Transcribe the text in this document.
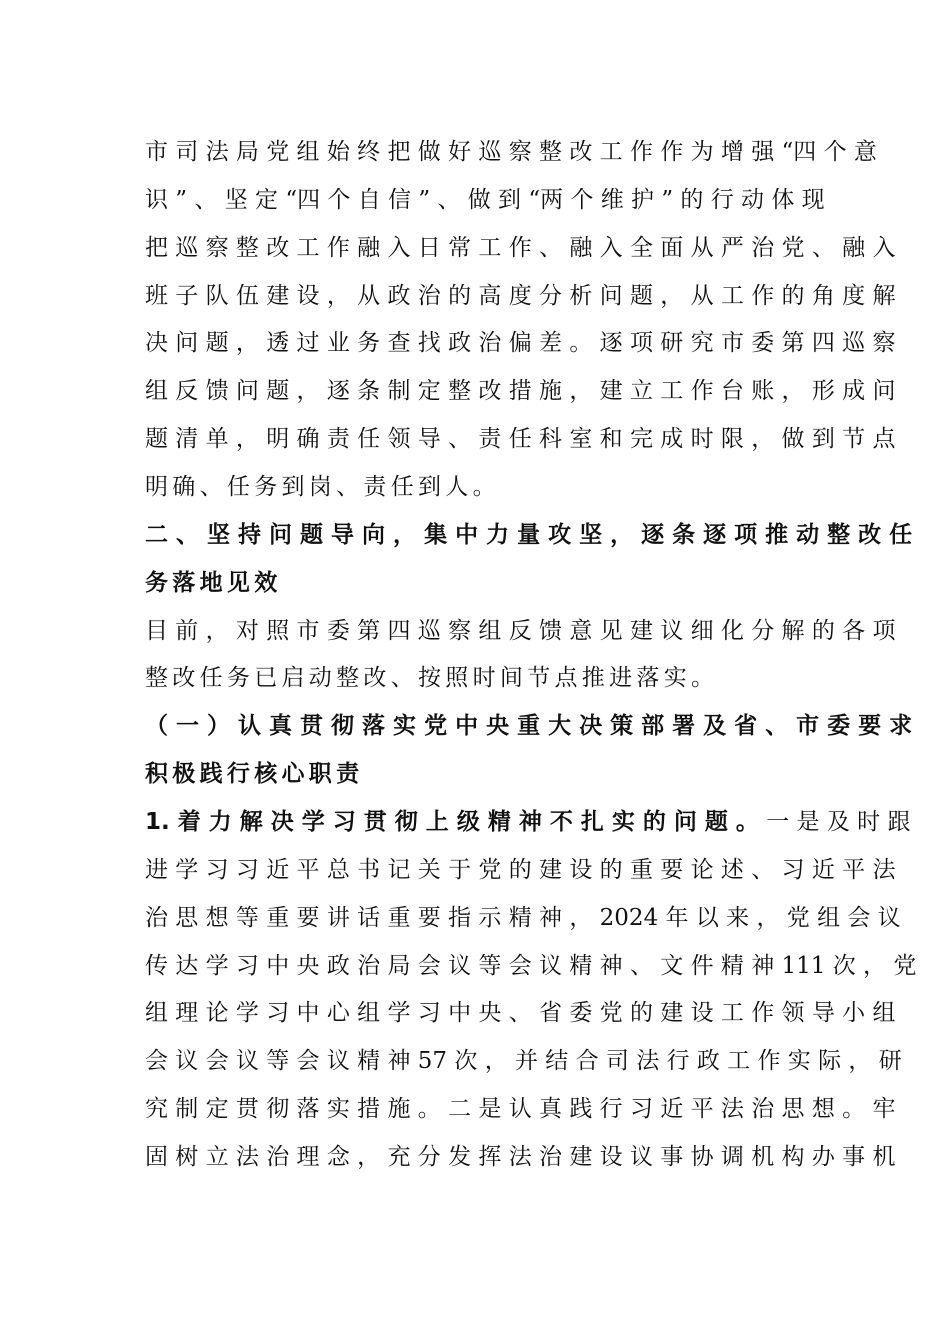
市 司 法 局 党 组 始 终 把 做 好 巡 察 整 改 工 作 作 为 增 强 “四 个 意
识 ” 、 坚 定 “四 个 自 信 ” 、 做 到 “两 个 维 护 ” 的 行 动 体 现
把 巡 察 整 改 工 作 融 入 日 常 工 作 、 融 入 全 面 从 严 治 党 、 融 入
班 子 队 伍 建 设 ， 从 政 治 的 高 度 分 析 问 题 ， 从 工 作 的 角 度 解
决 问 题 ， 透 过 业 务 查 找 政 治 偏 差 。 逐 项 研 究 市 委 第 四 巡 察
组 反 馈 问 题 ， 逐 条 制 定 整 改 措 施 ， 建 立 工 作 台 账 ， 形 成 问
题 清 单 ， 明 确 责 任 领 导 、 责 任 科 室 和 完 成 时 限 ， 做 到 节 点
明确、任务到岗、责任到人。
二 、 坚 持 问 题 导 向 ， 集 中 力 量 攻 坚 ， 逐 条 逐 项 推 动 整 改 任
务落地见效
目 前 ， 对 照 市 委 第 四 巡 察 组 反 馈 意 见 建 议 细 化 分 解 的 各 项
整改任务已启动整改、按照时间节点推进落实。
（ 一 ） 认 真 贯 彻 落 实 党 中 央 重 大 决 策 部 署 及 省 、 市 委 要 求
积极践行核心职责
1. 着 力 解 决 学 习 贯 彻 上 级 精 神 不 扎 实 的 问 题 。 一 是 及 时 跟
进 学 习 习 近 平 总 书 记 关 于 党 的 建 设 的 重 要 论 述 、 习 近 平 法
治 思 想 等 重 要 讲 话 重 要 指 示 精 神 ， 2024 年 以 来 ， 党 组 会 议
传 达 学 习 中 央 政 治 局 会 议 等 会 议 精 神 、 文 件 精 神 111 次 ， 党
组 理 论 学 习 中 心 组 学 习 中 央 、 省 委 党 的 建 设 工 作 领 导 小 组
会 议 会 议 等 会 议 精 神 57 次 ， 并 结 合 司 法 行 政 工 作 实 际 ， 研
究 制 定 贯 彻 落 实 措 施 。 二 是 认 真 践 行 习 近 平 法 治 思 想 。 牢
固 树 立 法 治 理 念 ， 充 分 发 挥 法 治 建 设 议 事 协 调 机 构 办 事 机
